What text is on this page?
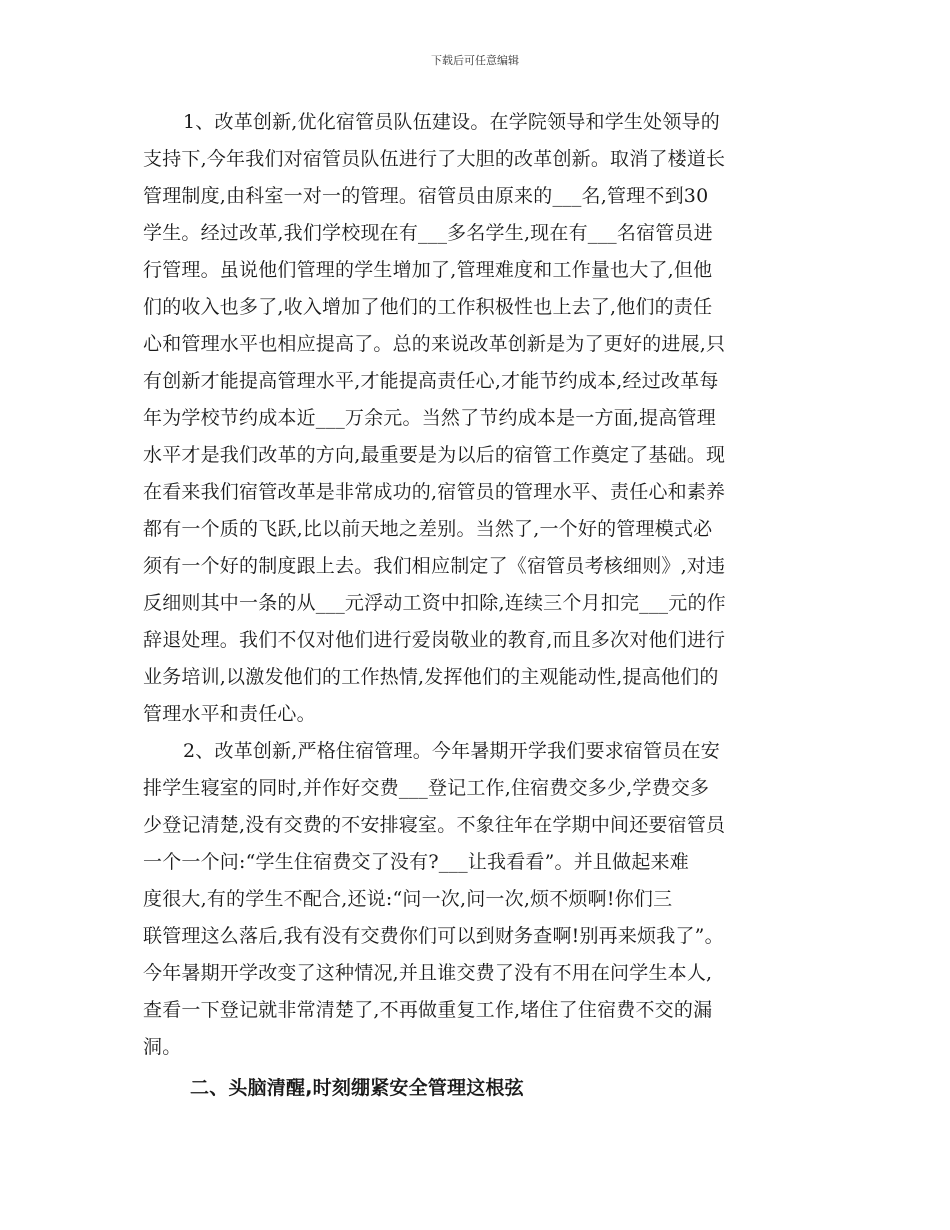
下载后可任意编辑
1、改革创新,优化宿管员队伍建设。在学院领导和学生处领导的
支持下,今年我们对宿管员队伍进行了大胆的改革创新。取消了楼道长
管理制度,由科室一对一的管理。宿管员由原来的___名,管理不到30
学生。经过改革,我们学校现在有___多名学生,现在有___名宿管员进
行管理。虽说他们管理的学生增加了,管理难度和工作量也大了,但他
们的收入也多了,收入增加了他们的工作积极性也上去了,他们的责任
心和管理水平也相应提高了。总的来说改革创新是为了更好的进展,只
有创新才能提高管理水平,才能提高责任心,才能节约成本,经过改革每
年为学校节约成本近___万余元。当然了节约成本是一方面,提高管理
水平才是我们改革的方向,最重要是为以后的宿管工作奠定了基础。现
在看来我们宿管改革是非常成功的,宿管员的管理水平、责任心和素养
都有一个质的飞跃,比以前天地之差别。当然了,一个好的管理模式必
须有一个好的制度跟上去。我们相应制定了《宿管员考核细则》,对违
反细则其中一条的从___元浮动工资中扣除,连续三个月扣完___元的作
辞退处理。我们不仅对他们进行爱岗敬业的教育,而且多次对他们进行
业务培训,以激发他们的工作热情,发挥他们的主观能动性,提高他们的
管理水平和责任心。
2、改革创新,严格住宿管理。今年暑期开学我们要求宿管员在安
排学生寝室的同时,并作好交费___登记工作,住宿费交多少,学费交多
少登记清楚,没有交费的不安排寝室。不象往年在学期中间还要宿管员
一个一个问:“学生住宿费交了没有?___让我看看”。并且做起来难
度很大,有的学生不配合,还说:“问一次,问一次,烦不烦啊!你们三
联管理这么落后,我有没有交费你们可以到财务查啊!别再来烦我了”。
今年暑期开学改变了这种情况,并且谁交费了没有不用在问学生本人,
查看一下登记就非常清楚了,不再做重复工作,堵住了住宿费不交的漏
洞。
二、头脑清醒,时刻绷紧安全管理这根弦
